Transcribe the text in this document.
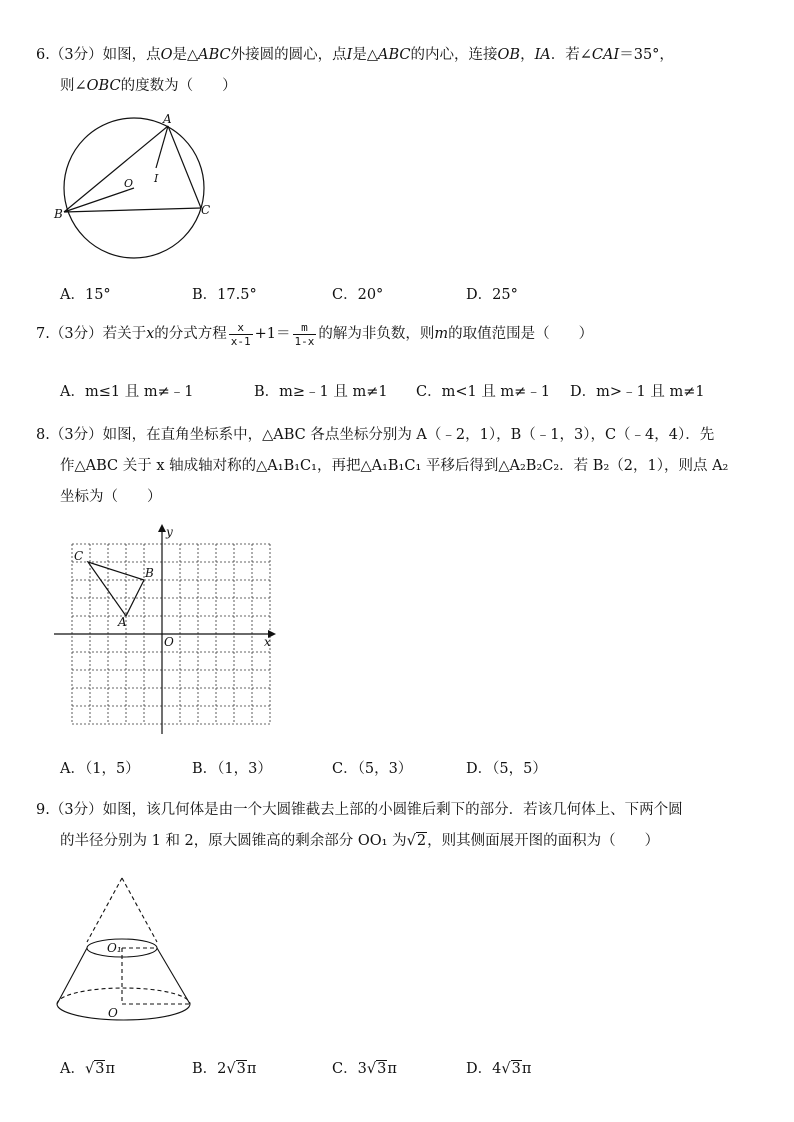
6.（3分）如图，点O是△ABC外接圆的圆心，点I是△ABC的内心，连接OB，IA．若∠CAI＝35°，
则∠OBC的度数为（　　）
A
B	C
O I
A．15°	B．17.5°	C．20°	D．25°
7.（3分）若关于x的分式方程 $\frac{x}{x-1} +1= \frac{m}{1-x}$ 的解为非负数，则m的取值范围是（　　）
A．m≤1 且 m≠﹣1	B．m≥﹣1 且 m≠1 C．m<1 且 m≠﹣1 D．m>﹣1 且 m≠1
8.（3分）如图，在直角坐标系中，△ABC 各点坐标分别为 A（﹣2，1），B（﹣1，3），C（﹣4，4）．先
作△ABC 关于 x 轴成轴对称的△A₁B₁C₁，再把△A₁B₁C₁ 平移后得到△A₂B₂C₂．若 B₂（2，1），则点 A₂
坐标为（　　）
A
B
C
O	x
y
A．（1，5）	B．（1，3）	C．（5，3）	D．（5，5）
9.（3分）如图，该几何体是由一个大圆锥截去上部的小圆锥后剩下的部分．若该几何体上、下两个圆
的半径分别为 1 和 2，原大圆锥高的剩余部分 OO₁ 为√2，则其侧面展开图的面积为（　　）
O₁
O
A．√3π	B．2√3π	C．3√3π	D．4√3π
